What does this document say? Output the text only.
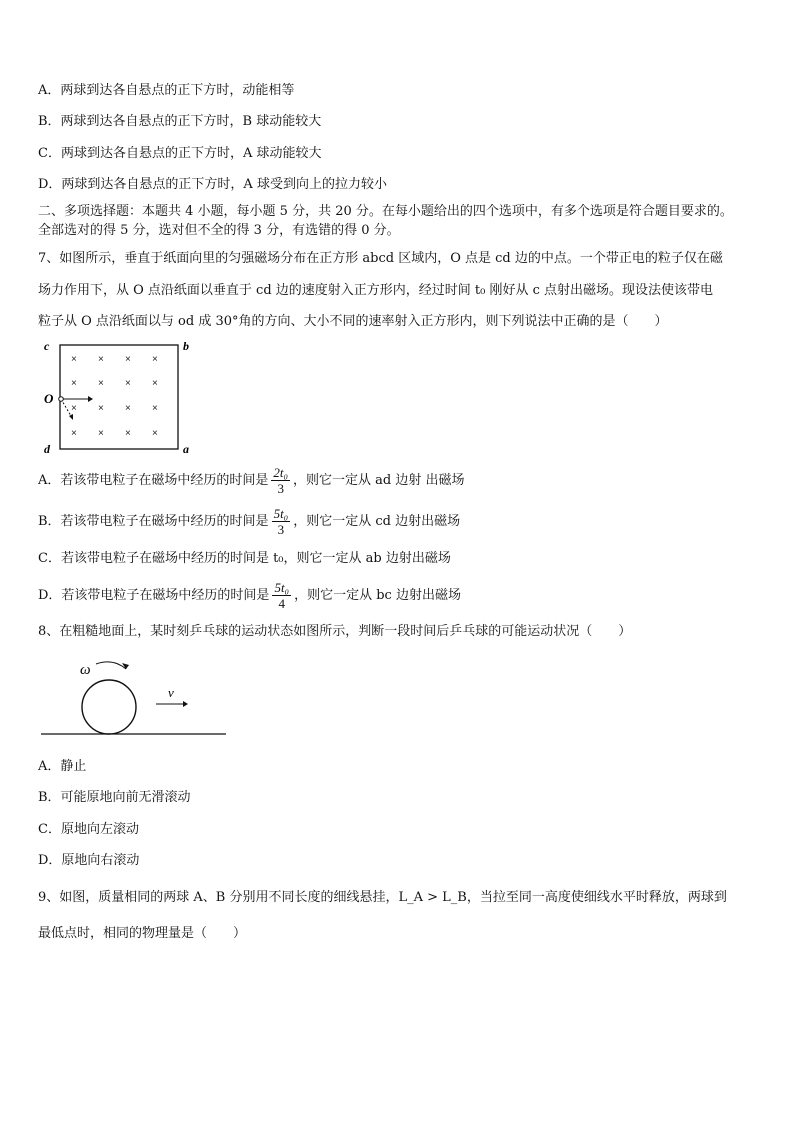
A．两球到达各自悬点的正下方时，动能相等
B．两球到达各自悬点的正下方时，B 球动能较大
C．两球到达各自悬点的正下方时，A 球动能较大
D．两球到达各自悬点的正下方时，A 球受到向上的拉力较小
二、多项选择题：本题共 4 小题，每小题 5 分，共 20 分。在每小题给出的四个选项中，有多个选项是符合题目要求的。
全部选对的得 5 分，选对但不全的得 3 分，有选错的得 0 分。
7、如图所示，垂直于纸面向里的匀强磁场分布在正方形 abcd 区域内，O 点是 cd 边的中点。一个带正电的粒子仅在磁
场力作用下，从 O 点沿纸面以垂直于 cd 边的速度射入正方形内，经过时间 t₀ 刚好从 c 点射出磁场。现设法使该带电
粒子从 O 点沿纸面以与 od 成 30°角的方向、大小不同的速率射入正方形内，则下列说法中正确的是（　　）
× × × ×
× × × ×
× × × ×
× × × ×
c	b
O
d	a
A．若该带电粒子在磁场中经历的时间是 $\frac{\text{2t₀}}{3}$ ，则它一定从 ad 边射 出磁场
B．若该带电粒子在磁场中经历的时间是 $\frac{\text{5t₀}}{3}$ ，则它一定从 cd 边射出磁场
C．若该带电粒子在磁场中经历的时间是 t₀，则它一定从 ab 边射出磁场
D．若该带电粒子在磁场中经历的时间是 $\frac{\text{5t₀}}{4}$ ，则它一定从 bc 边射出磁场
8、在粗糙地面上，某时刻乒乓球的运动状态如图所示，判断一段时间后乒乓球的可能运动状况（　　）
ω
v
A．静止
B．可能原地向前无滑滚动
C．原地向左滚动
D．原地向右滚动
9、如图，质量相同的两球 A、B 分别用不同长度的细线悬挂，L_A > L_B，当拉至同一高度使细线水平时释放，两球到
最低点时，相同的物理量是（　　）
